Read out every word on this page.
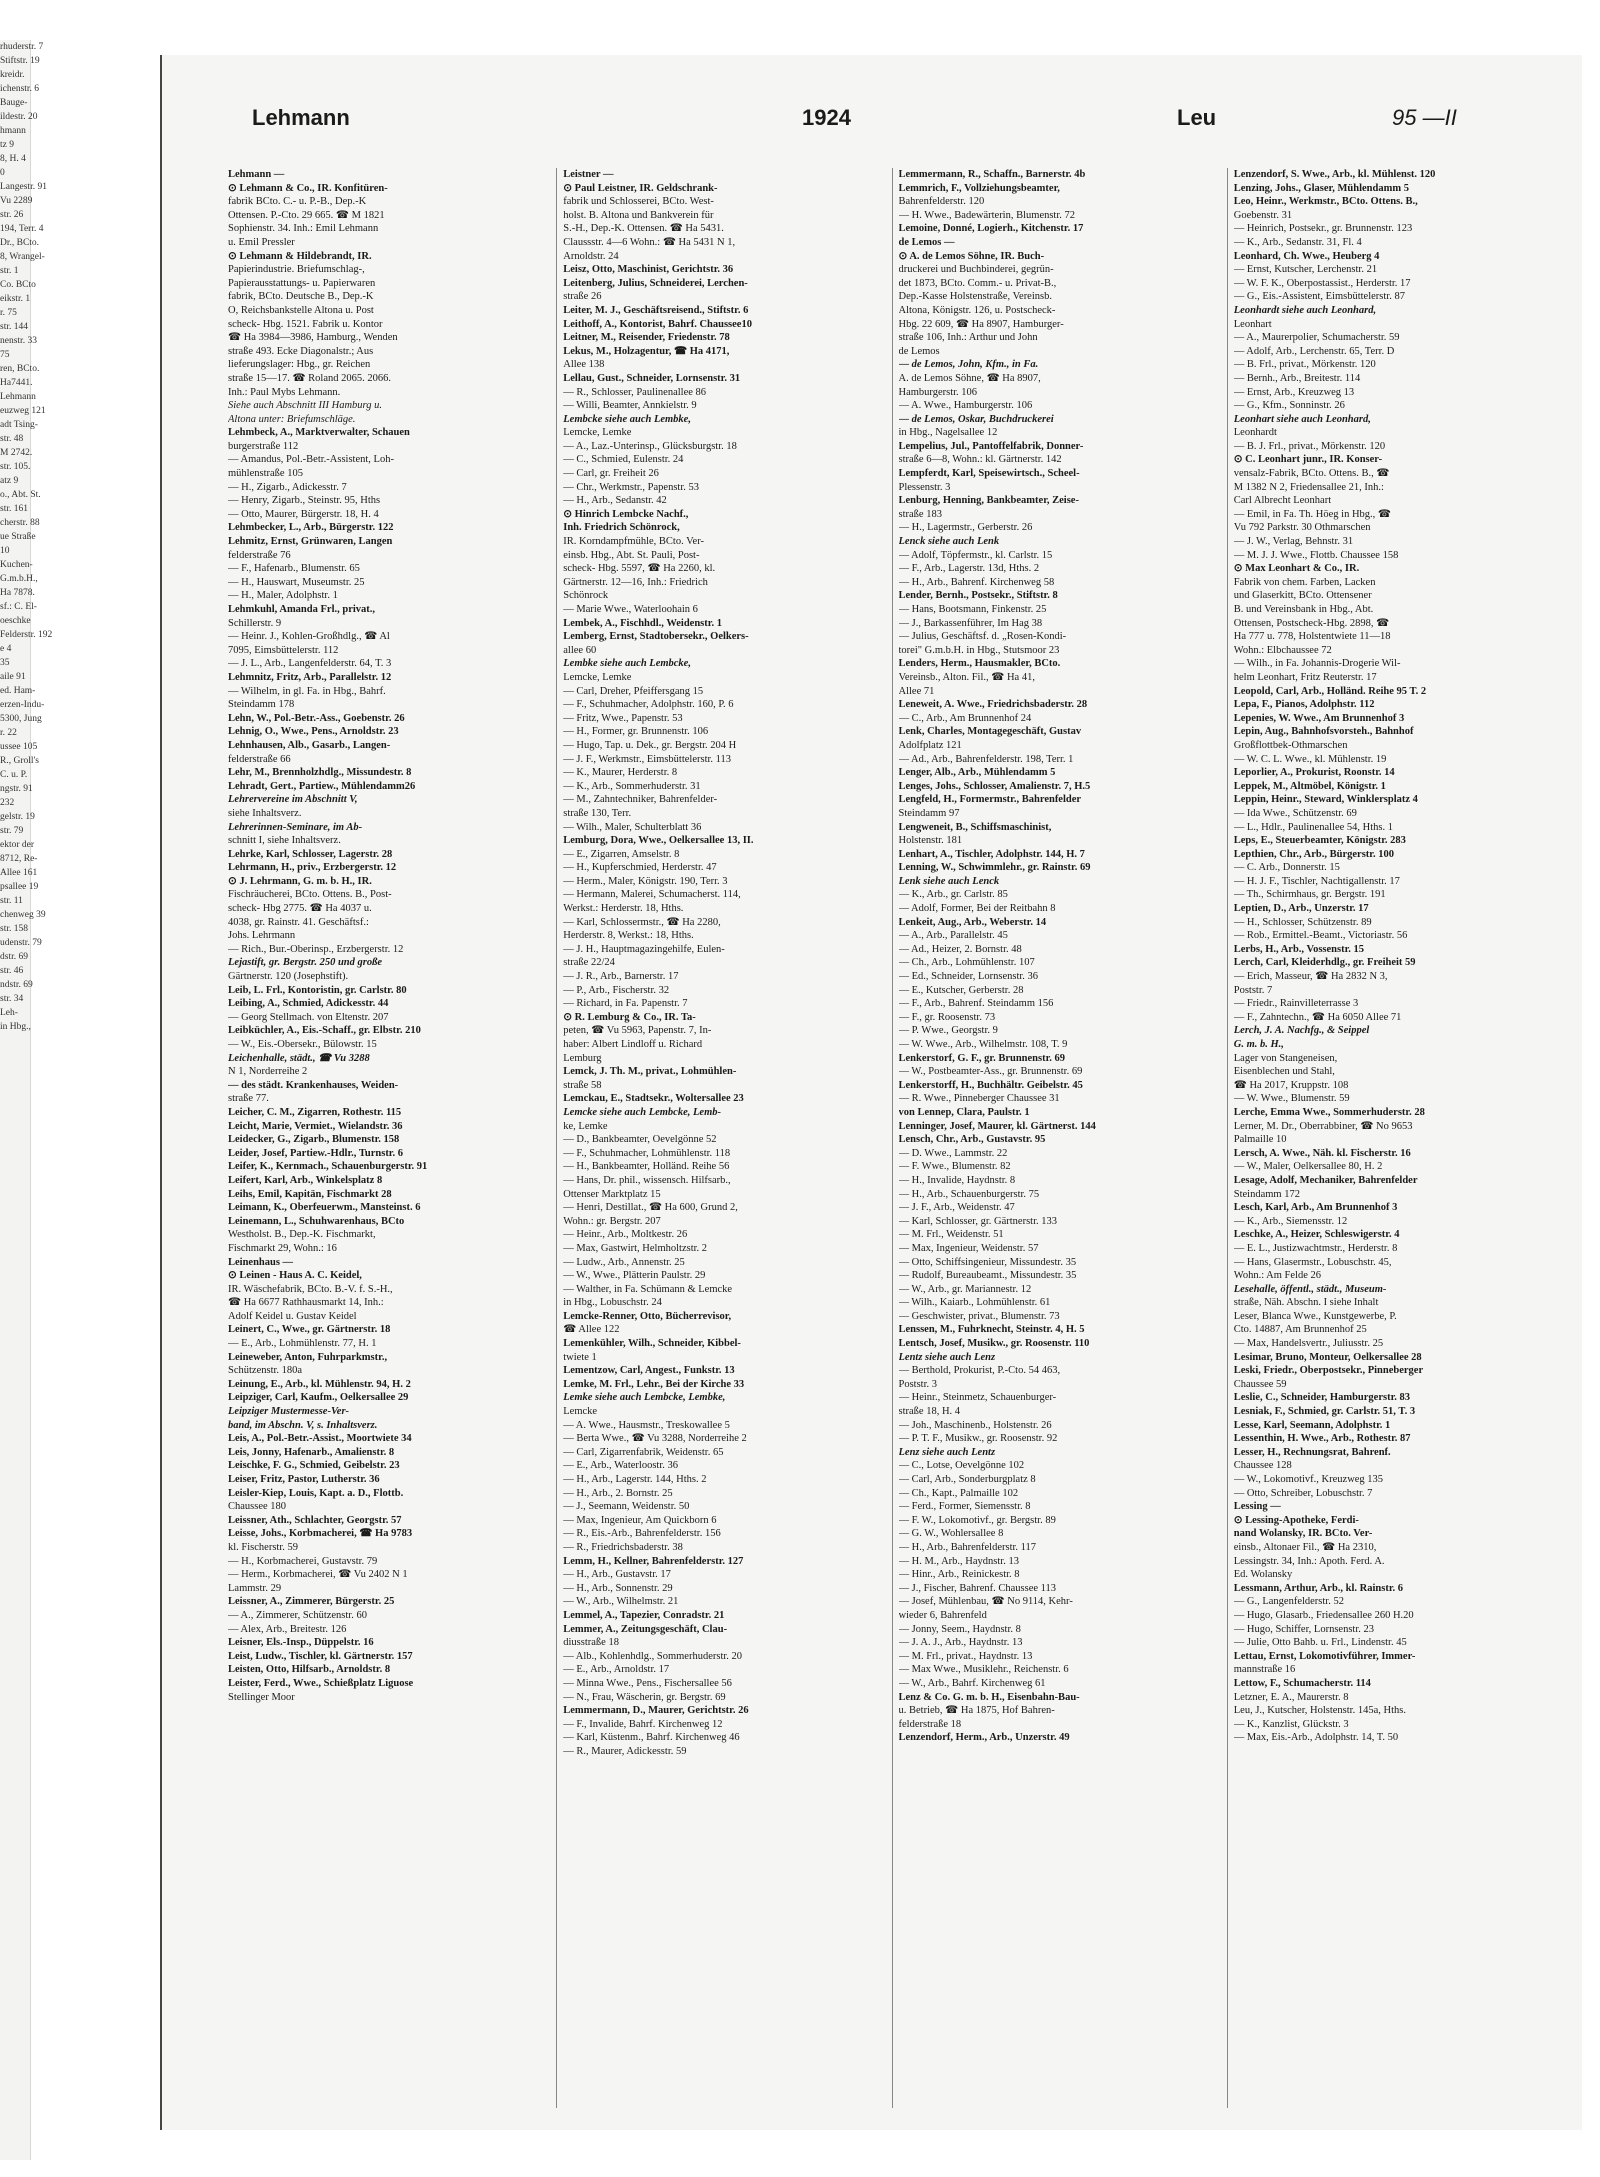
rhuderstr. 7
Stiftstr. 19
kreidr.
ichenstr. 6
Bauge-
ildestr. 20
hmann
tz 9
8, H. 4
0
Langestr. 91
Vu 2289
str. 26
194, Terr. 4
Dr., BCto.
8, Wrangel-
str. 1
Co. BCto
eikstr. 1
r. 75
str. 144
nenstr. 33
75
ren, BCto.
Ha7441.
Lehmann
euzweg 121
adt Tsing-
str. 48
M 2742.
str. 105.
atz 9
o., Abt. St.
str. 161
cherstr. 88
ue Straße
10
Kuchen-
G.m.b.H.,
Ha 7878.
sf.: C. El-
oeschke
Felderstr. 192
e 4
35
aile 91
ed. Ham-
erzen-Indu-
5300, Jung
r. 22
ussee 105
R., Groll's
C. u. P.
ngstr. 91
232
gelstr. 19
str. 79
ektor der
8712, Re-
Allee 161
psallee 19
str. 11
chenweg 39
str. 158
udenstr. 79
dstr. 69
str. 46
ndstr. 69
str. 34
Leh-
in Hbg.,
Lehmann	1924	Leu	95 —II

Lehmann —

⊙ Lehmann & Co., IR. Konfitüren-

fabrik BCto. C.- u. P.-B., Dep.-K

Ottensen. P.-Cto. 29 665. ☎ M 1821

Sophienstr. 34. Inh.: Emil Lehmann

u. Emil Pressler

⊙ Lehmann & Hildebrandt, IR.

Papierindustrie. Briefumschlag-,

Papierausstattungs- u. Papierwaren

fabrik, BCto. Deutsche B., Dep.-K

O, Reichsbankstelle Altona u. Post

scheck- Hbg. 1521. Fabrik u. Kontor

☎ Ha 3984—3986, Hamburg., Wenden

straße 493. Ecke Diagonalstr.; Aus

lieferungslager: Hbg., gr. Reichen

straße 15—17. ☎ Roland 2065. 2066.

Inh.: Paul Mybs Lehmann.

Siehe auch Abschnitt III Hamburg u.

Altona unter: Briefumschläge.

Lehmbeck, A., Marktverwalter, Schauen

burgerstraße 112

— Amandus, Pol.-Betr.-Assistent, Loh-

mühlenstraße 105

— H., Zigarb., Adickesstr. 7

— Henry, Zigarb., Steinstr. 95, Hths

— Otto, Maurer, Bürgerstr. 18, H. 4

Lehmbecker, L., Arb., Bürgerstr. 122

Lehmitz, Ernst, Grünwaren, Langen

felderstraße 76

— F., Hafenarb., Blumenstr. 65

— H., Hauswart, Museumstr. 25

— H., Maler, Adolphstr. 1

Lehmkuhl, Amanda Frl., privat.,

Schillerstr. 9

— Heinr. J., Kohlen-Großhdlg., ☎ Al

7095, Eimsbüttelerstr. 112

— J. L., Arb., Langenfelderstr. 64, T. 3

Lehmnitz, Fritz, Arb., Parallelstr. 12

— Wilhelm, in gl. Fa. in Hbg., Bahrf.

Steindamm 178

Lehn, W., Pol.-Betr.-Ass., Goebenstr. 26

Lehnig, O., Wwe., Pens., Arnoldstr. 23

Lehnhausen, Alb., Gasarb., Langen-

felderstraße 66

Lehr, M., Brennholzhdlg., Missundestr. 8

Lehradt, Gert., Partiew., Mühlendamm26

Lehrervereine im Abschnitt V,

siehe Inhaltsverz.

Lehrerinnen-Seminare, im Ab-

schnitt I, siehe Inhaltsverz.

Lehrke, Karl, Schlosser, Lagerstr. 28

Lehrmann, H., priv., Erzbergerstr. 12

⊙ J. Lehrmann, G. m. b. H., IR.

Fischräucherei, BCto. Ottens. B., Post-

scheck- Hbg 2775. ☎ Ha 4037 u.

4038, gr. Rainstr. 41. Geschäftsf.:

Johs. Lehrmann

— Rich., Bur.-Oberinsp., Erzbergerstr. 12

Lejastift, gr. Bergstr. 250 und große

Gärtnerstr. 120 (Josephstift).

Leib, L. Frl., Kontoristin, gr. Carlstr. 80

Leibing, A., Schmied, Adickesstr. 44

— Georg Stellmach. von Eltenstr. 207

Leibküchler, A., Eis.-Schaff., gr. Elbstr. 210

— W., Eis.-Obersekr., Bülowstr. 15

Leichenhalle, städt., ☎ Vu 3288

N 1, Norderreihe 2

— des städt. Krankenhauses, Weiden-

straße 77.

Leicher, C. M., Zigarren, Rothestr. 115

Leicht, Marie, Vermiet., Wielandstr. 36

Leidecker, G., Zigarb., Blumenstr. 158

Leider, Josef, Partiew.-Hdlr., Turnstr. 6

Leifer, K., Kernmach., Schauenburgerstr. 91

Leifert, Karl, Arb., Winkelsplatz 8

Leihs, Emil, Kapitän, Fischmarkt 28

Leimann, K., Oberfeuerwm., Mansteinst. 6

Leinemann, L., Schuhwarenhaus, BCto

Westholst. B., Dep.-K. Fischmarkt,

Fischmarkt 29, Wohn.: 16

Leinenhaus —

⊙ Leinen - Haus A. C. Keidel,

IR. Wäschefabrik, BCto. B.-V. f. S.-H.,

☎ Ha 6677 Rathhausmarkt 14, Inh.:

Adolf Keidel u. Gustav Keidel

Leinert, C., Wwe., gr. Gärtnerstr. 18

— E., Arb., Lohmühlenstr. 77, H. 1

Leineweber, Anton, Fuhrparkmstr.,

Schützenstr. 180a

Leinung, E., Arb., kl. Mühlenstr. 94, H. 2

Leipziger, Carl, Kaufm., Oelkersallee 29

Leipziger Mustermesse-Ver-

band, im Abschn. V, s. Inhaltsverz.

Leis, A., Pol.-Betr.-Assist., Moortwiete 34

Leis, Jonny, Hafenarb., Amalienstr. 8

Leischke, F. G., Schmied, Geibelstr. 23

Leiser, Fritz, Pastor, Lutherstr. 36

Leisler-Kiep, Louis, Kapt. a. D., Flottb.

Chaussee 180

Leissner, Ath., Schlachter, Georgstr. 57

Leisse, Johs., Korbmacherei, ☎ Ha 9783

kl. Fischerstr. 59

— H., Korbmacherei, Gustavstr. 79

— Herm., Korbmacherei, ☎ Vu 2402 N 1

Lammstr. 29

Leissner, A., Zimmerer, Bürgerstr. 25

— A., Zimmerer, Schützenstr. 60

— Alex, Arb., Breitestr. 126

Leisner, Els.-Insp., Düppelstr. 16

Leist, Ludw., Tischler, kl. Gärtnerstr. 157

Leisten, Otto, Hilfsarb., Arnoldstr. 8

Leister, Ferd., Wwe., Schießplatz Liguose

Stellinger Moor

Leistner —

⊙ Paul Leistner, IR. Geldschrank-

fabrik und Schlosserei, BCto. West-

holst. B. Altona und Bankverein für

S.-H., Dep.-K. Ottensen. ☎ Ha 5431.

Claussstr. 4—6 Wohn.: ☎ Ha 5431 N 1,

Arnoldstr. 24

Leisz, Otto, Maschinist, Gerichtstr. 36

Leitenberg, Julius, Schneiderei, Lerchen-

straße 26

Leiter, M. J., Geschäftsreisend., Stiftstr. 6

Leithoff, A., Kontorist, Bahrf. Chaussee10

Leitner, M., Reisender, Friedenstr. 78

Lekus, M., Holzagentur, ☎ Ha 4171,

Allee 138

Lellau, Gust., Schneider, Lornsenstr. 31

— R., Schlosser, Paulinenallee 86

— Willi, Beamter, Annkielstr. 9

Lembcke siehe auch Lembke,

Lemcke, Lemke

— A., Laz.-Unterinsp., Glücksburgstr. 18

— C., Schmied, Eulenstr. 24

— Carl, gr. Freiheit 26

— Chr., Werkmstr., Papenstr. 53

— H., Arb., Sedanstr. 42

⊙ Hinrich Lembcke Nachf.,

Inh. Friedrich Schönrock,

IR. Korndampfmühle, BCto. Ver-

einsb. Hbg., Abt. St. Pauli, Post-

scheck- Hbg. 5597, ☎ Ha 2260, kl.

Gärtnerstr. 12—16, Inh.: Friedrich

Schönrock

— Marie Wwe., Waterloohain 6

Lembek, A., Fischhdl., Weidenstr. 1

Lemberg, Ernst, Stadtobersekr., Oelkers-

allee 60

Lembke siehe auch Lembcke,

Lemcke, Lemke

— Carl, Dreher, Pfeiffersgang 15

— F., Schuhmacher, Adolphstr. 160, P. 6

— Fritz, Wwe., Papenstr. 53

— H., Former, gr. Brunnenstr. 106

— Hugo, Tap. u. Dek., gr. Bergstr. 204 H

— J. F., Werkmstr., Eimsbüttelerstr. 113

— K., Maurer, Herderstr. 8

— K., Arb., Sommerhuderstr. 31

— M., Zahntechniker, Bahrenfelder-

straße 130, Terr.

— Wilh., Maler, Schulterblatt 36

Lemburg, Dora, Wwe., Oelkersallee 13, II.

— E., Zigarren, Amselstr. 8

— H., Kupferschmied, Herderstr. 47

— Herm., Maler, Königstr. 190, Terr. 3

— Hermann, Malerei, Schumacherst. 114,

Werkst.: Herderstr. 18, Hths.

— Karl, Schlossermstr., ☎ Ha 2280,

Herderstr. 8, Werkst.: 18, Hths.

— J. H., Hauptmagazingehilfe, Eulen-

straße 22/24

— J. R., Arb., Barnerstr. 17

— P., Arb., Fischerstr. 32

— Richard, in Fa. Papenstr. 7

⊙ R. Lemburg & Co., IR. Ta-

peten, ☎ Vu 5963, Papenstr. 7, In-

haber: Albert Lindloff u. Richard

Lemburg

Lemck, J. Th. M., privat., Lohmühlen-

straße 58

Lemckau, E., Stadtsekr., Woltersallee 23

Lemcke siehe auch Lembcke, Lemb-

ke, Lemke

— D., Bankbeamter, Oevelgönne 52

— F., Schuhmacher, Lohmühlenstr. 118

— H., Bankbeamter, Holländ. Reihe 56

— Hans, Dr. phil., wissensch. Hilfsarb.,

Ottenser Marktplatz 15

— Henri, Destillat., ☎ Ha 600, Grund 2,

Wohn.: gr. Bergstr. 207

— Heinr., Arb., Moltkestr. 26

— Max, Gastwirt, Helmholtzstr. 2

— Ludw., Arb., Annenstr. 25

— W., Wwe., Plätterin Paulstr. 29

— Walther, in Fa. Schümann & Lemcke

in Hbg., Lobuschstr. 24

Lemcke-Renner, Otto, Bücherrevisor,

☎ Allee 122

Lemenkühler, Wilh., Schneider, Kibbel-

twiete 1

Lementzow, Carl, Angest., Funkstr. 13

Lemke, M. Frl., Lehr., Bei der Kirche 33

Lemke siehe auch Lembcke, Lembke,

Lemcke

— A. Wwe., Hausmstr., Treskowallee 5

— Berta Wwe., ☎ Vu 3288, Norderreihe 2

— Carl, Zigarrenfabrik, Weidenstr. 65

— E., Arb., Waterloostr. 36

— H., Arb., Lagerstr. 144, Hths. 2

— H., Arb., 2. Bornstr. 25

— J., Seemann, Weidenstr. 50

— Max, Ingenieur, Am Quickborn 6

— R., Eis.-Arb., Bahrenfelderstr. 156

— R., Friedrichsbaderstr. 38

Lemm, H., Kellner, Bahrenfelderstr. 127

— H., Arb., Gustavstr. 17

— H., Arb., Sonnenstr. 29

— W., Arb., Wilhelmstr. 21

Lemmel, A., Tapezier, Conradstr. 21

Lemmer, A., Zeitungsgeschäft, Clau-

diusstraße 18

— Alb., Kohlenhdlg., Sommerhuderstr. 20

— E., Arb., Arnoldstr. 17

— Minna Wwe., Pens., Fischersallee 56

— N., Frau, Wäscherin, gr. Bergstr. 69

Lemmermann, D., Maurer, Gerichtstr. 26

— F., Invalide, Bahrf. Kirchenweg 12

— Karl, Küstenm., Bahrf. Kirchenweg 46

— R., Maurer, Adickesstr. 59

Lemmermann, R., Schaffn., Barnerstr. 4b

Lemmrich, F., Vollziehungsbeamter,

Bahrenfelderstr. 120

— H. Wwe., Badewärterin, Blumenstr. 72

Lemoine, Donné, Logierh., Kitchenstr. 17

de Lemos —

⊙ A. de Lemos Söhne, IR. Buch-

druckerei und Buchbinderei, gegrün-

det 1873, BCto. Comm.- u. Privat-B.,

Dep.-Kasse Holstenstraße, Vereinsb.

Altona, Königstr. 126, u. Postscheck-

Hbg. 22 609, ☎ Ha 8907, Hamburger-

straße 106, Inh.: Arthur und John

de Lemos

— de Lemos, John, Kfm., in Fa.

A. de Lemos Söhne, ☎ Ha 8907,

Hamburgerstr. 106

— A. Wwe., Hamburgerstr. 106

— de Lemos, Oskar, Buchdruckerei

in Hbg., Nagelsallee 12

Lempelius, Jul., Pantoffelfabrik, Donner-

straße 6—8, Wohn.: kl. Gärtnerstr. 142

Lempferdt, Karl, Speisewirtsch., Scheel-

Plessenstr. 3

Lenburg, Henning, Bankbeamter, Zeise-

straße 183

— H., Lagermstr., Gerberstr. 26

Lenck siehe auch Lenk

— Adolf, Töpfermstr., kl. Carlstr. 15

— F., Arb., Lagerstr. 13d, Hths. 2

— H., Arb., Bahrenf. Kirchenweg 58

Lender, Bernh., Postsekr., Stiftstr. 8

— Hans, Bootsmann, Finkenstr. 25

— J., Barkassenführer, Im Hag 38

— Julius, Geschäftsf. d. „Rosen-Kondi-

torei" G.m.b.H. in Hbg., Stutsmoor 23

Lenders, Herm., Hausmakler, BCto.

Vereinsb., Alton. Fil., ☎ Ha 41,

Allee 71

Leneweit, A. Wwe., Friedrichsbaderstr. 28

— C., Arb., Am Brunnenhof 24

Lenk, Charles, Montagegeschäft, Gustav

Adolfplatz 121

— Ad., Arb., Bahrenfelderstr. 198, Terr. 1

Lenger, Alb., Arb., Mühlendamm 5

Lenges, Johs., Schlosser, Amalienstr. 7, H.5

Lengfeld, H., Formermstr., Bahrenfelder

Steindamm 97

Lengweneit, B., Schiffsmaschinist,

Holstenstr. 181

Lenhart, A., Tischler, Adolphstr. 144, H. 7

Lenning, W., Schwimmlehr., gr. Rainstr. 69

Lenk siehe auch Lenck

— K., Arb., gr. Carlstr. 85

— Adolf, Former, Bei der Reitbahn 8

Lenkeit, Aug., Arb., Weberstr. 14

— A., Arb., Parallelstr. 45

— Ad., Heizer, 2. Bornstr. 48

— Ch., Arb., Lohmühlenstr. 107

— Ed., Schneider, Lornsenstr. 36

— E., Kutscher, Gerberstr. 28

— F., Arb., Bahrenf. Steindamm 156

— F., gr. Roosenstr. 73

— P. Wwe., Georgstr. 9

— W. Wwe., Arb., Wilhelmstr. 108, T. 9

Lenkerstorf, G. F., gr. Brunnenstr. 69

— W., Postbeamter-Ass., gr. Brunnenstr. 69

Lenkerstorff, H., Buchhältr. Geibelstr. 45

— R. Wwe., Pinneberger Chaussee 31

von Lennep, Clara, Paulstr. 1

Lenninger, Josef, Maurer, kl. Gärtnerst. 144

Lensch, Chr., Arb., Gustavstr. 95

— D. Wwe., Lammstr. 22

— F. Wwe., Blumenstr. 82

— H., Invalide, Haydnstr. 8

— H., Arb., Schauenburgerstr. 75

— J. F., Arb., Weidenstr. 47

— Karl, Schlosser, gr. Gärtnerstr. 133

— M. Frl., Weidenstr. 51

— Max, Ingenieur, Weidenstr. 57

— Otto, Schiffsingenieur, Missundestr. 35

— Rudolf, Bureaubeamt., Missundestr. 35

— W., Arb., gr. Mariannestr. 12

— Wilh., Kaiarb., Lohmühlenstr. 61

— Geschwister, privat., Blumenstr. 73

Lenssen, M., Fuhrknecht, Steinstr. 4, H. 5

Lentsch, Josef, Musikw., gr. Roosenstr. 110

Lentz siehe auch Lenz

— Berthold, Prokurist, P.-Cto. 54 463,

Poststr. 3

— Heinr., Steinmetz, Schauenburger-

straße 18, H. 4

— Joh., Maschinenb., Holstenstr. 26

— P. T. F., Musikw., gr. Roosenstr. 92

Lenz siehe auch Lentz

— C., Lotse, Oevelgönne 102

— Carl, Arb., Sonderburgplatz 8

— Ch., Kapt., Palmaille 102

— Ferd., Former, Siemensstr. 8

— F. W., Lokomotivf., gr. Bergstr. 89

— G. W., Wohlersallee 8

— H., Arb., Bahrenfelderstr. 117

— H. M., Arb., Haydnstr. 13

— Hinr., Arb., Reinickestr. 8

— J., Fischer, Bahrenf. Chaussee 113

— Josef, Mühlenbau, ☎ No 9114, Kehr-

wieder 6, Bahrenfeld

— Jonny, Seem., Haydnstr. 8

— J. A. J., Arb., Haydnstr. 13

— M. Frl., privat., Haydnstr. 13

— Max Wwe., Musiklehr., Reichenstr. 6

— W., Arb., Bahrf. Kirchenweg 61

Lenz & Co. G. m. b. H., Eisenbahn-Bau-

u. Betrieb, ☎ Ha 1875, Hof Bahren-

felderstraße 18

Lenzendorf, Herm., Arb., Unzerstr. 49

Lenzendorf, S. Wwe., Arb., kl. Mühlenst. 120

Lenzing, Johs., Glaser, Mühlendamm 5

Leo, Heinr., Werkmstr., BCto. Ottens. B.,

Goebenstr. 31

— Heinrich, Postsekr., gr. Brunnenstr. 123

— K., Arb., Sedanstr. 31, Fl. 4

Leonhard, Ch. Wwe., Heuberg 4

— Ernst, Kutscher, Lerchenstr. 21

— W. F. K., Oberpostassist., Herderstr. 17

— G., Eis.-Assistent, Eimsbüttelerstr. 87

Leonhardt siehe auch Leonhard,

Leonhart

— A., Maurerpolier, Schumacherstr. 59

— Adolf, Arb., Lerchenstr. 65, Terr. D

— B. Frl., privat., Mörkenstr. 120

— Bernh., Arb., Breitestr. 114

— Ernst, Arb., Kreuzweg 13

— G., Kfm., Sonninstr. 26

Leonhart siehe auch Leonhard,

Leonhardt

— B. J. Frl., privat., Mörkenstr. 120

⊙ C. Leonhart junr., IR. Konser-

vensalz-Fabrik, BCto. Ottens. B., ☎

M 1382 N 2, Friedensallee 21, Inh.:

Carl Albrecht Leonhart

— Emil, in Fa. Th. Höeg in Hbg., ☎

Vu 792 Parkstr. 30 Othmarschen

— J. W., Verlag, Behnstr. 31

— M. J. J. Wwe., Flottb. Chaussee 158

⊙ Max Leonhart & Co., IR.

Fabrik von chem. Farben, Lacken

und Glaserkitt, BCto. Ottensener

B. und Vereinsbank in Hbg., Abt.

Ottensen, Postscheck-Hbg. 2898, ☎

Ha 777 u. 778, Holstentwiete 11—18

Wohn.: Elbchaussee 72

— Wilh., in Fa. Johannis-Drogerie Wil-

helm Leonhart, Fritz Reuterstr. 17

Leopold, Carl, Arb., Holländ. Reihe 95 T. 2

Lepa, F., Pianos, Adolphstr. 112

Lepenies, W. Wwe., Am Brunnenhof 3

Lepin, Aug., Bahnhofsvorsteh., Bahnhof

Großflottbek-Othmarschen

— W. C. L. Wwe., kl. Mühlenstr. 19

Leporlier, A., Prokurist, Roonstr. 14

Leppek, M., Altmöbel, Königstr. 1

Leppin, Heinr., Steward, Winklersplatz 4

— Ida Wwe., Schützenstr. 69

— L., Hdlr., Paulinenallee 54, Hths. 1

Leps, E., Steuerbeamter, Königstr. 283

Lepthien, Chr., Arb., Bürgerstr. 100

— C. Arb., Donnerstr. 15

— H. J. F., Tischler, Nachtigallenstr. 17

— Th., Schirmhaus, gr. Bergstr. 191

Leptien, D., Arb., Unzerstr. 17

— H., Schlosser, Schützenstr. 89

— Rob., Ermittel.-Beamt., Victoriastr. 56

Lerbs, H., Arb., Vossenstr. 15

Lerch, Carl, Kleiderhdlg., gr. Freiheit 59

— Erich, Masseur, ☎ Ha 2832 N 3,

Poststr. 7

— Friedr., Rainvilleterrasse 3

— F., Zahntechn., ☎ Ha 6050 Allee 71

Lerch, J. A. Nachfg., & Seippel

G. m. b. H.,

Lager von Stangeneisen,

Eisenblechen und Stahl,

☎ Ha 2017, Kruppstr. 108

— W. Wwe., Blumenstr. 59

Lerche, Emma Wwe., Sommerhuderstr. 28

Lerner, M. Dr., Oberrabbiner, ☎ No 9653

Palmaille 10

Lersch, A. Wwe., Näh. kl. Fischerstr. 16

— W., Maler, Oelkersallee 80, H. 2

Lesage, Adolf, Mechaniker, Bahrenfelder

Steindamm 172

Lesch, Karl, Arb., Am Brunnenhof 3

— K., Arb., Siemensstr. 12

Leschke, A., Heizer, Schleswigerstr. 4

— E. L., Justizwachtmstr., Herderstr. 8

— Hans, Glasermstr., Lobuschstr. 45,

Wohn.: Am Felde 26

Lesehalle, öffentl., städt., Museum-

straße, Näh. Abschn. I siehe Inhalt

Leser, Blanca Wwe., Kunstgewerbe, P.

Cto. 14887, Am Brunnenhof 25

— Max, Handelsvertr., Juliusstr. 25

Lesimar, Bruno, Monteur, Oelkersallee 28

Leski, Friedr., Oberpostsekr., Pinneberger

Chaussee 59

Leslie, C., Schneider, Hamburgerstr. 83

Lesniak, F., Schmied, gr. Carlstr. 51, T. 3

Lesse, Karl, Seemann, Adolphstr. 1

Lessenthin, H. Wwe., Arb., Rothestr. 87

Lesser, H., Rechnungsrat, Bahrenf.

Chaussee 128

— W., Lokomotivf., Kreuzweg 135

— Otto, Schreiber, Lobuschstr. 7

Lessing —

⊙ Lessing-Apotheke, Ferdi-

nand Wolansky, IR. BCto. Ver-

einsb., Altonaer Fil., ☎ Ha 2310,

Lessingstr. 34, Inh.: Apoth. Ferd. A.

Ed. Wolansky

Lessmann, Arthur, Arb., kl. Rainstr. 6

— G., Langenfelderstr. 52

— Hugo, Glasarb., Friedensallee 260 H.20

— Hugo, Schiffer, Lornsenstr. 23

— Julie, Otto Bahb. u. Frl., Lindenstr. 45

Lettau, Ernst, Lokomotivführer, Immer-

mannstraße 16

Lettow, F., Schumacherstr. 114

Letzner, E. A., Maurerstr. 8

Leu, J., Kutscher, Holstenstr. 145a, Hths.

— K., Kanzlist, Glückstr. 3

— Max, Eis.-Arb., Adolphstr. 14, T. 50
